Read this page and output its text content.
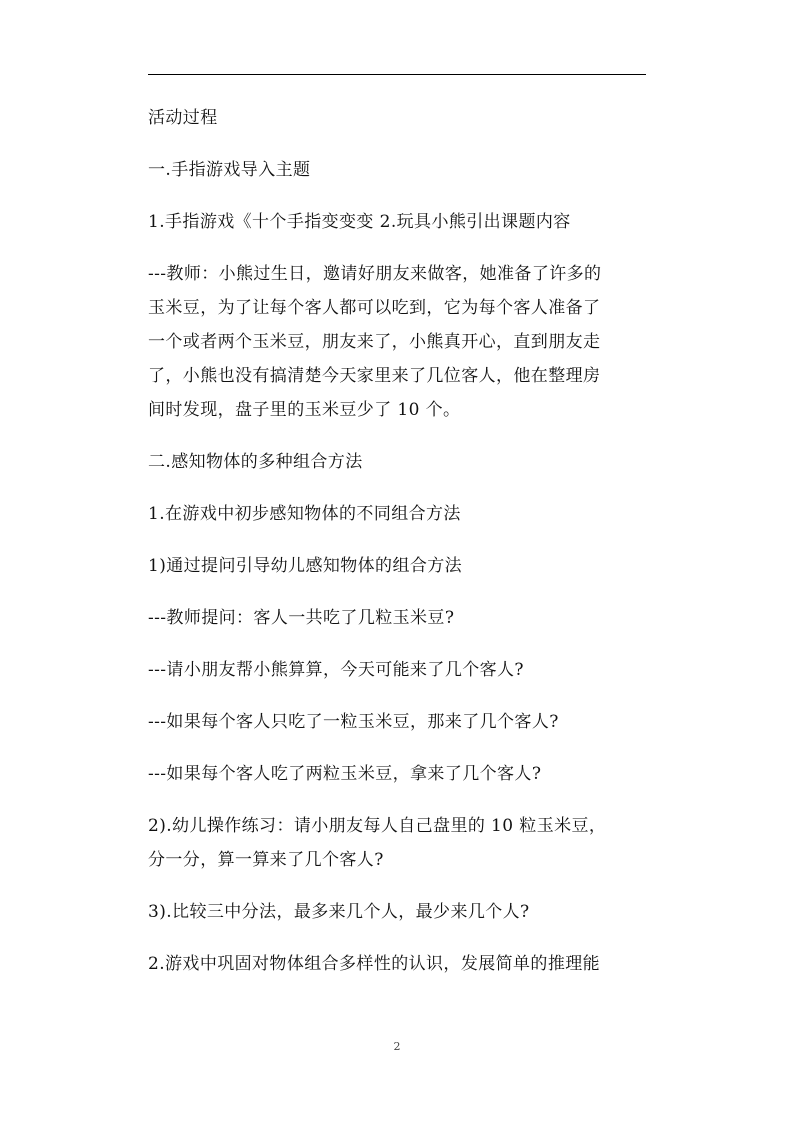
活动过程
一.手指游戏导入主题
1.手指游戏《十个手指变变变 2.玩具小熊引出课题内容
---教师：小熊过生日，邀请好朋友来做客，她准备了许多的
玉米豆，为了让每个客人都可以吃到，它为每个客人准备了
一个或者两个玉米豆，朋友来了，小熊真开心，直到朋友走
了，小熊也没有搞清楚今天家里来了几位客人，他在整理房
间时发现，盘子里的玉米豆少了 10 个。
二.感知物体的多种组合方法
1.在游戏中初步感知物体的不同组合方法
1)通过提问引导幼儿感知物体的组合方法
---教师提问：客人一共吃了几粒玉米豆?
---请小朋友帮小熊算算，今天可能来了几个客人?
---如果每个客人只吃了一粒玉米豆，那来了几个客人?
---如果每个客人吃了两粒玉米豆，拿来了几个客人?
2).幼儿操作练习：请小朋友每人自己盘里的 10 粒玉米豆，
分一分，算一算来了几个客人?
3).比较三中分法，最多来几个人，最少来几个人?
2.游戏中巩固对物体组合多样性的认识，发展简单的推理能
2
